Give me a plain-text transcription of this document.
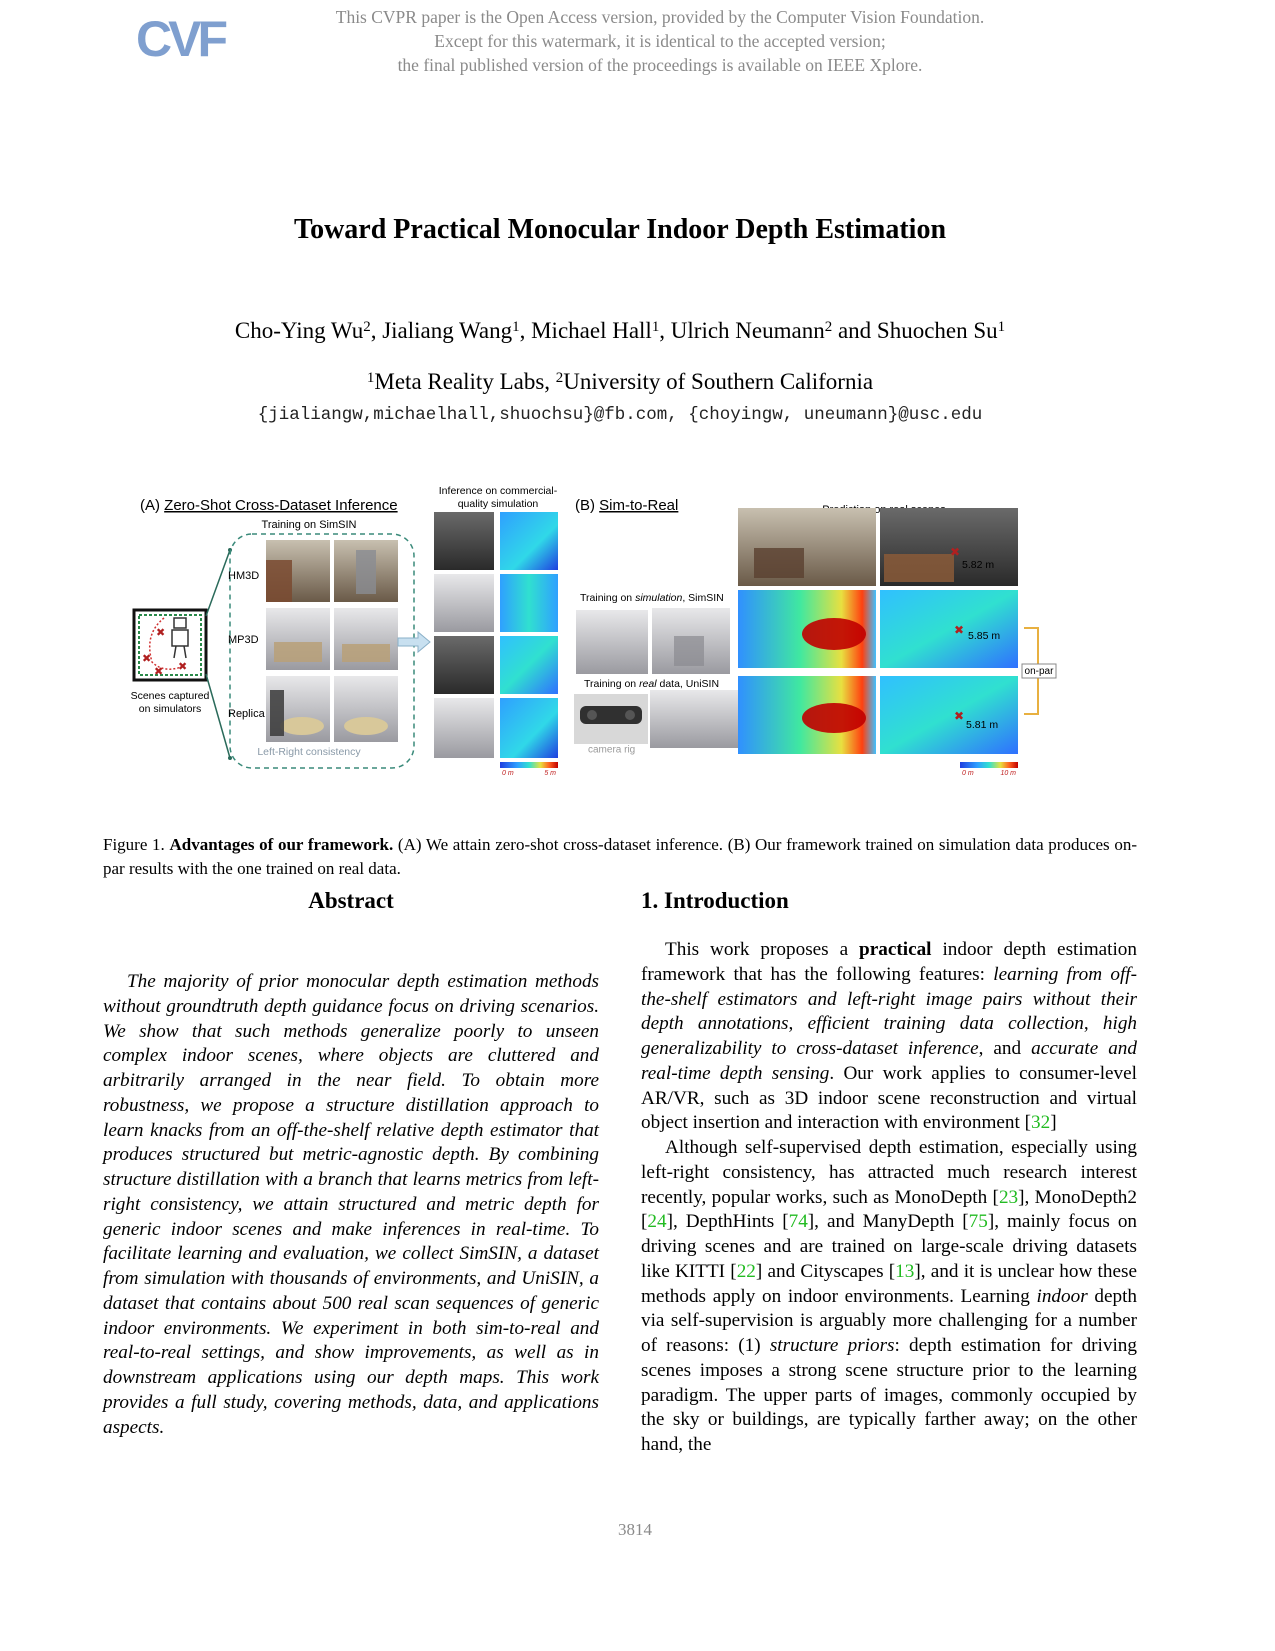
CVF	This CVPR paper is the Open Access version, provided by the Computer Vision Foundation.
Except for this watermark, it is identical to the accepted version;
the final published version of the proceedings is available on IEEE Xplore.
Toward Practical Monocular Indoor Depth Estimation
Cho-Ying Wu$^2$, Jialiang Wang$^1$, Michael Hall$^1$, Ulrich Neumann$^2$ and Shuochen Su$^1$
$^1$Meta Reality Labs, $^2$University of Southern California
{jialiangw,michaelhall,shuochsu}@fb.com, {choyingw, uneumann}@usc.edu
(A) Zero-Shot Cross-Dataset Inference
Training on SimSIN
✖
✖
✖ ✖
Scenes captured
on simulators
HM3D
MP3D
Replica
Left-Right consistency
Inference on commercial-
quality simulation
0 m	5 m
(B) Sim-to-Real
Training on simulation, SimSIN
Training on real data, UniSIN
camera rig
✖
5.82 m
✖ 5.85 m
✖
5.81 m
on-par
0 m	10 m
Figure 1. Advantages of our framework. (A) We attain zero-shot cross-dataset inference. (B) Our framework trained on simulation data produces on-par results with the one trained on real data.
Abstract

The majority of prior monocular depth estimation methods without groundtruth depth guidance focus on driving scenarios. We show that such methods generalize poorly to unseen complex indoor scenes, where objects are cluttered and arbitrarily arranged in the near field. To obtain more robustness, we propose a structure distillation approach to learn knacks from an off-the-shelf relative depth estimator that produces structured but metric-agnostic depth. By combining structure distillation with a branch that learns metrics from left-right consistency, we attain structured and metric depth for generic indoor scenes and make inferences in real-time. To facilitate learning and evaluation, we collect SimSIN, a dataset from simulation with thousands of environments, and UniSIN, a dataset that contains about 500 real scan sequences of generic indoor environments. We experiment in both sim-to-real and real-to-real settings, and show improvements, as well as in downstream applications using our depth maps. This work provides a full study, covering methods, data, and applications aspects.

1. Introduction

This work proposes a practical indoor depth estimation framework that has the following features: learning from off-the-shelf estimators and left-right image pairs without their depth annotations, efficient training data collection, high generalizability to cross-dataset inference, and accurate and real-time depth sensing. Our work applies to consumer-level AR/VR, such as 3D indoor scene reconstruction and virtual object insertion and interaction with environment [32]

Although self-supervised depth estimation, especially using left-right consistency, has attracted much research interest recently, popular works, such as MonoDepth [23], MonoDepth2 [24], DepthHints [74], and ManyDepth [75], mainly focus on driving scenes and are trained on large-scale driving datasets like KITTI [22] and Cityscapes [13], and it is unclear how these methods apply on indoor environments. Learning indoor depth via self-supervision is arguably more challenging for a number of reasons: (1) structure priors: depth estimation for driving scenes imposes a strong scene structure prior to the learning paradigm. The upper parts of images, commonly occupied by the sky or buildings, are typically farther away; on the other hand, the

3814
